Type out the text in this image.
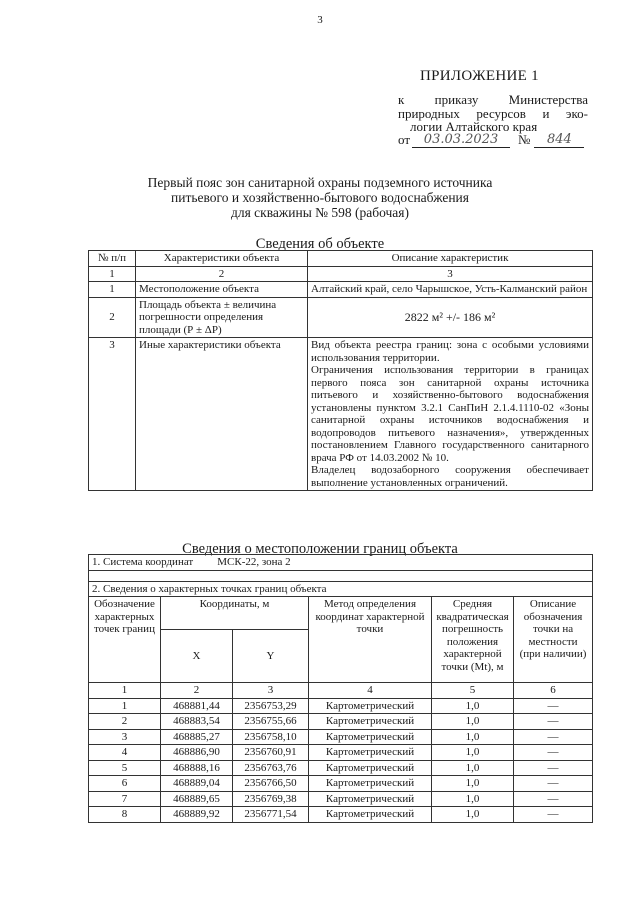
3
ПРИЛОЖЕНИЕ 1
к приказу Министерства
природных ресурсов и эко-
логии Алтайского края
от	03.03.2023	№	844
Первый пояс зон санитарной охраны подземного источника
питьевого и хозяйственно-бытового водоснабжения
для скважины № 598 (рабочая)
Сведения об объекте
№ п/п	Характеристики объекта	Описание характеристик
1	2	3
1	Местоположение объекта	Алтайский край, село Чарышское, Усть-Калманский район
2	Площадь объекта ± величина погрешности определения площади (Р ± ΔР)	2822 м² +/- 186 м²
3	Иные характеристики объекта	Вид объекта реестра границ: зона с особыми условиями использования территории.
Ограничения использования территории в границах первого пояса зон санитарной охраны источника питьевого и хозяйственно-бытового водоснабжения установлены пунктом 3.2.1 СанПиН 2.1.4.1110-02 «Зоны санитарной охраны источников водоснабжения и водопроводов питьевого назначения», утвержденных постановлением Главного государственного санитарного врача РФ от 14.03.2002 № 10.
Владелец водозаборного сооружения обеспечивает выполнение установленных ограничений.
Сведения о местоположении границ объекта
1. Система координат МСК-22, зона 2					

2. Сведения о характерных точках границ объекта					
Обозначение характерных точек границ	Координаты, м		Метод определения координат характерной точки	Средняя квадратическая погрешность положения характерной точки (Mt), м	Описание обозначения точки на местности (при наличии)
	X	Y			
1	2	3	4	5	6
1	468881,44	2356753,29	Картометрический	1,0	—
2	468883,54	2356755,66	Картометрический	1,0	—
3	468885,27	2356758,10	Картометрический	1,0	—
4	468886,90	2356760,91	Картометрический	1,0	—
5	468888,16	2356763,76	Картометрический	1,0	—
6	468889,04	2356766,50	Картометрический	1,0	—
7	468889,65	2356769,38	Картометрический	1,0	—
8	468889,92	2356771,54	Картометрический	1,0	—
